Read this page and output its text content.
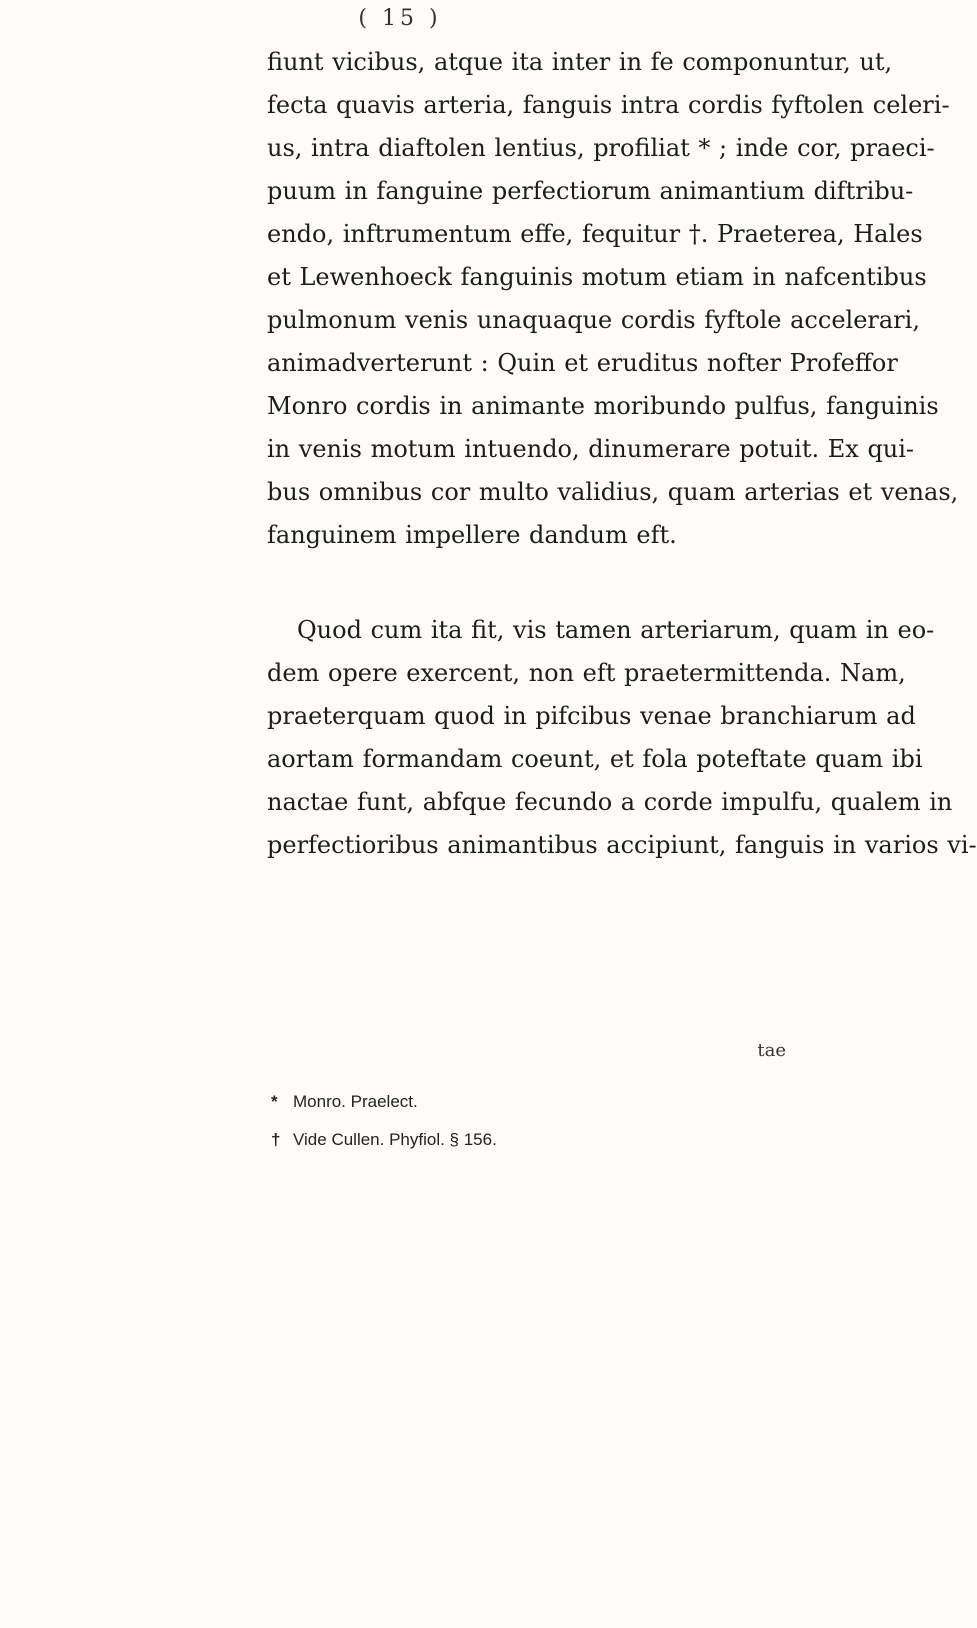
( 15 )
fiunt vicibus, atque ita inter in fe componuntur, ut,
fecta quavis arteria, fanguis intra cordis fyftolen celeri-
us, intra diaftolen lentius, profiliat * ; inde cor, praeci-
puum in fanguine perfectiorum animantium diftribu-
endo, inftrumentum effe, fequitur †. Praeterea, Hales
et Lewenhoeck fanguinis motum etiam in nafcentibus
pulmonum venis unaquaque cordis fyftole accelerari,
animadverterunt : Quin et eruditus nofter Profeffor
Monro cordis in animante moribundo pulfus, fanguinis
in venis motum intuendo, dinumerare potuit. Ex qui-
bus omnibus cor multo validius, quam arterias et venas,
fanguinem impellere dandum eft.
Quod cum ita fit, vis tamen arteriarum, quam in eo-
dem opere exercent, non eft praetermittenda. Nam,
praeterquam quod in pifcibus venae branchiarum ad
aortam formandam coeunt, et fola poteftate quam ibi
nactae funt, abfque fecundo a corde impulfu, qualem in
perfectioribus animantibus accipiunt, fanguis in varios vi-
tae
* Monro. Praelect.
† Vide Cullen. Phyfiol. § 156.
